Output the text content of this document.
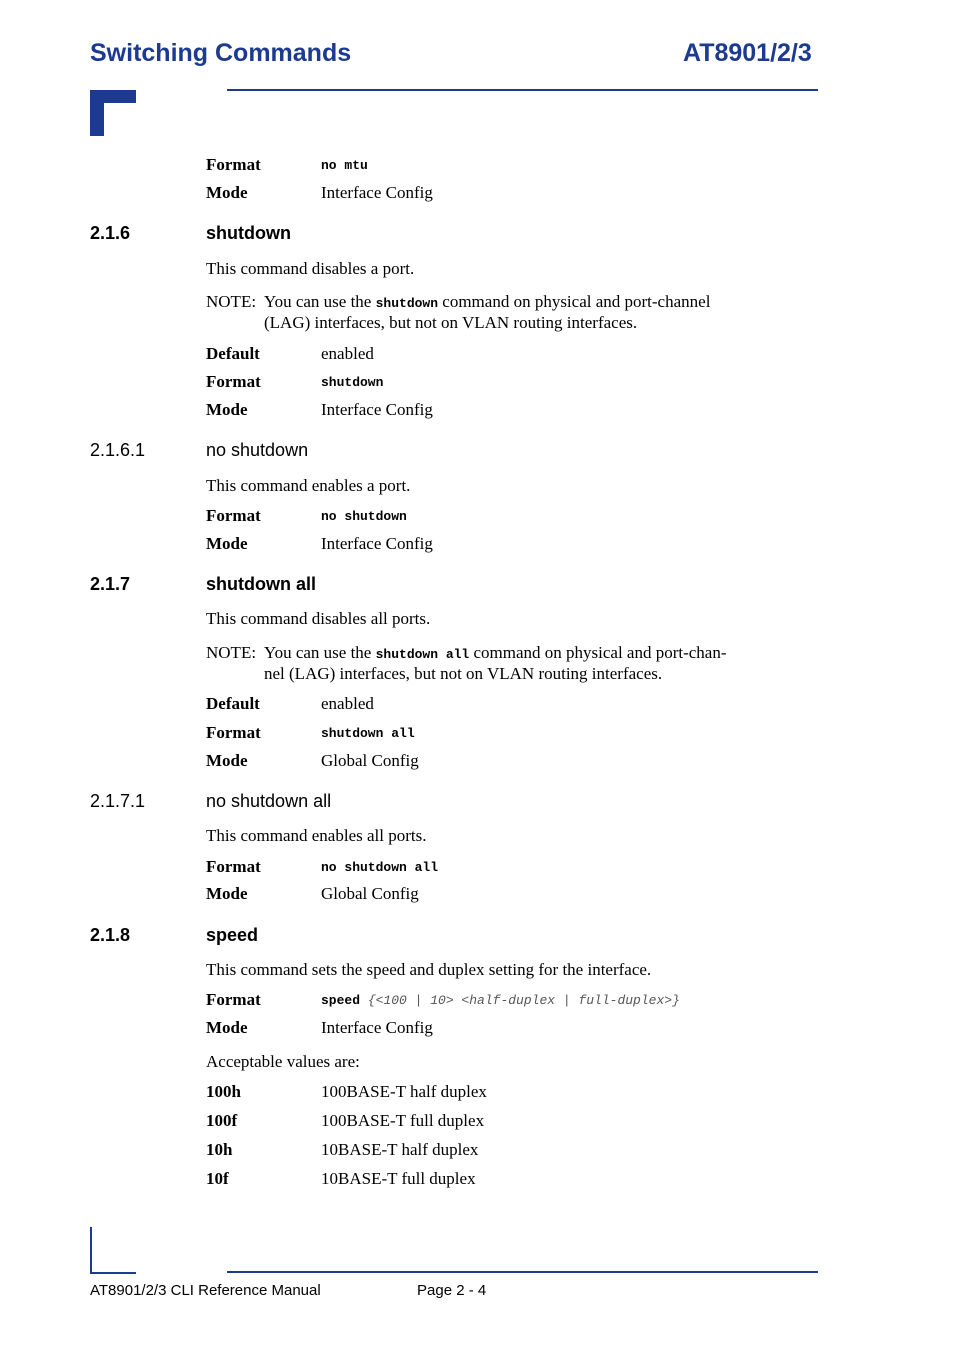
Switching Commands	AT8901/2/3
Format	no mtu
Mode	Interface Config
2.1.6	shutdown
This command disables a port.
NOTE: You can use the shutdown command on physical and port-channel
(LAG) interfaces, but not on VLAN routing interfaces.
Default	enabled
Format	shutdown
Mode	Interface Config
2.1.6.1	no shutdown
This command enables a port.
Format	no shutdown
Mode	Interface Config
2.1.7	shutdown all
This command disables all ports.
NOTE: You can use the shutdown all command on physical and port-chan-
nel (LAG) interfaces, but not on VLAN routing interfaces.
Default	enabled
Format	shutdown all
Mode	Global Config
2.1.7.1	no shutdown all
This command enables all ports.
Format	no shutdown all
Mode	Global Config
2.1.8	speed
This command sets the speed and duplex setting for the interface.
Format	speed {<100 | 10> <half-duplex | full-duplex>}
Mode	Interface Config
Acceptable values are:
100h	100BASE-T half duplex
100f	100BASE-T full duplex
10h	10BASE-T half duplex
10f	10BASE-T full duplex
AT8901/2/3 CLI Reference Manual	Page 2 - 4
